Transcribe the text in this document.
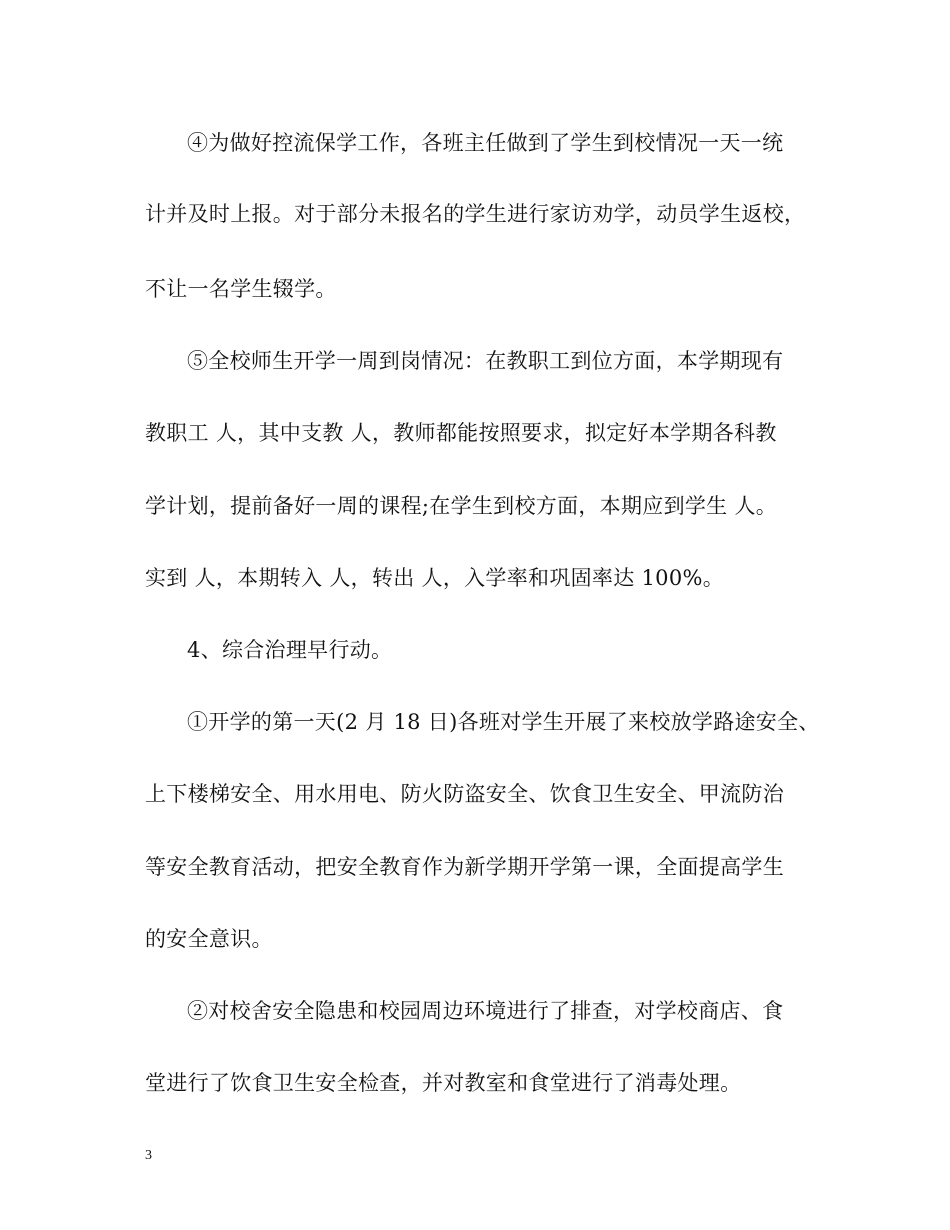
④为做好控流保学工作，各班主任做到了学生到校情况一天一统
计并及时上报。对于部分未报名的学生进行家访劝学，动员学生返校，
不让一名学生辍学。
⑤全校师生开学一周到岗情况：在教职工到位方面，本学期现有
教职工 人，其中支教 人，教师都能按照要求，拟定好本学期各科教
学计划，提前备好一周的课程;在学生到校方面，本期应到学生 人。
实到 人，本期转入 人，转出 人，入学率和巩固率达 100%。
4、综合治理早行动。
①开学的第一天(2 月 18 日)各班对学生开展了来校放学路途安全、
上下楼梯安全、用水用电、防火防盗安全、饮食卫生安全、甲流防治
等安全教育活动，把安全教育作为新学期开学第一课，全面提高学生
的安全意识。
②对校舍安全隐患和校园周边环境进行了排查，对学校商店、食
堂进行了饮食卫生安全检查，并对教室和食堂进行了消毒处理。
3
